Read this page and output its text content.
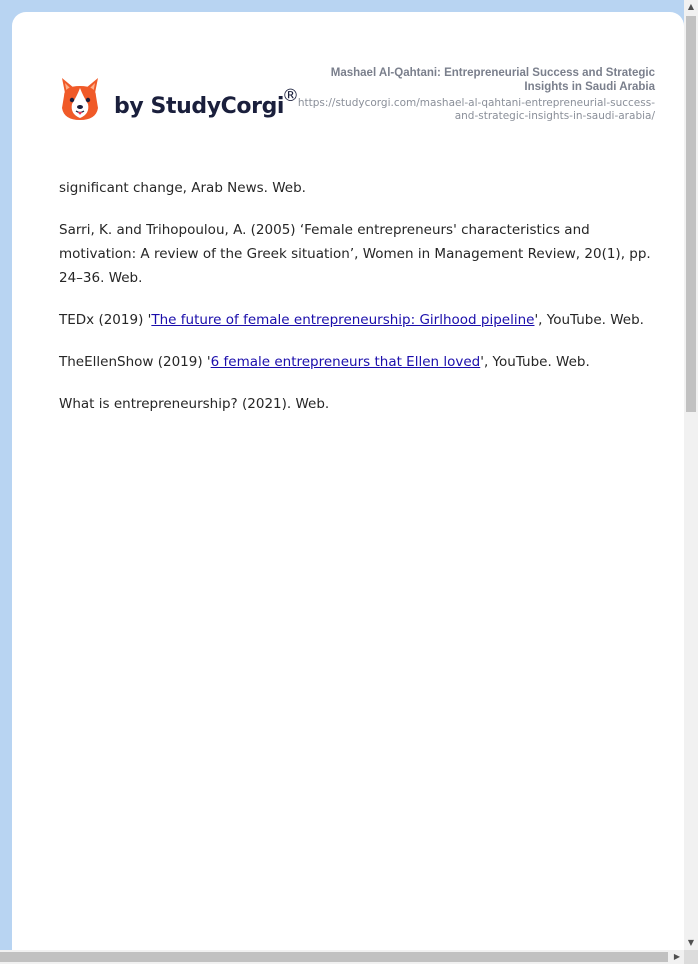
by StudyCorgi
®
Mashael Al-Qahtani: Entrepreneurial Success and Strategic Insights in Saudi Arabia
https://studycorgi.com/mashael-al-qahtani-entrepreneurial-success-and-strategic-insights-in-saudi-arabia/

significant change, Arab News. Web.

Sarri, K. and Trihopoulou, A. (2005) ‘Female entrepreneurs' characteristics and motivation: A review of the Greek situation’, Women in Management Review, 20(1), pp. 24–36. Web.

TEDx (2019) 'The future of female entrepreneurship: Girlhood pipeline', YouTube. Web.

TheEllenShow (2019) '6 female entrepreneurs that Ellen loved', YouTube. Web.

What is entrepreneurship? (2021). Web.

▲
▼
▶
